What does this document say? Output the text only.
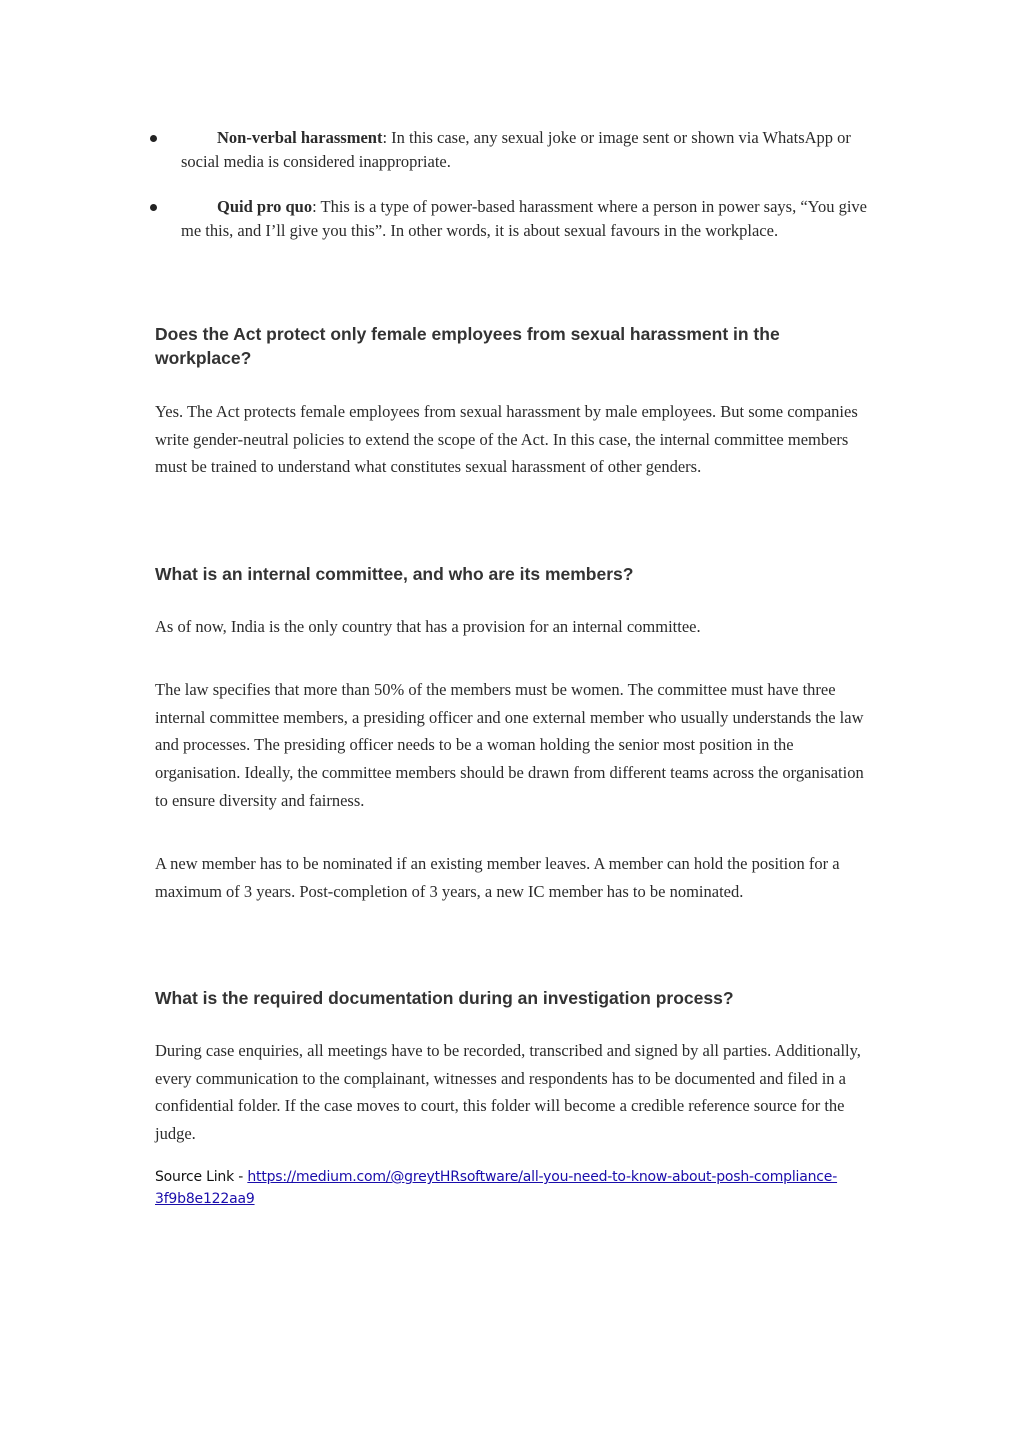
Non-verbal harassment: In this case, any sexual joke or image sent or shown via WhatsApp or social media is considered inappropriate.
Quid pro quo: This is a type of power-based harassment where a person in power says, “You give me this, and I’ll give you this”. In other words, it is about sexual favours in the workplace.
Does the Act protect only female employees from sexual harassment in the workplace?

Yes. The Act protects female employees from sexual harassment by male employees. But some companies write gender-neutral policies to extend the scope of the Act. In this case, the internal committee members must be trained to understand what constitutes sexual harassment of other genders.

What is an internal committee, and who are its members?

As of now, India is the only country that has a provision for an internal committee.

The law specifies that more than 50% of the members must be women. The committee must have three internal committee members, a presiding officer and one external member who usually understands the law and processes. The presiding officer needs to be a woman holding the senior most position in the organisation. Ideally, the committee members should be drawn from different teams across the organisation to ensure diversity and fairness.

A new member has to be nominated if an existing member leaves. A member can hold the position for a maximum of 3 years. Post-completion of 3 years, a new IC member has to be nominated.

What is the required documentation during an investigation process?

During case enquiries, all meetings have to be recorded, transcribed and signed by all parties. Additionally, every communication to the complainant, witnesses and respondents has to be documented and filed in a confidential folder. If the case moves to court, this folder will become a credible reference source for the judge.

Source Link - https://medium.com/@greytHRsoftware/all-you-need-to-know-about-posh-compliance-3f9b8e122aa9
